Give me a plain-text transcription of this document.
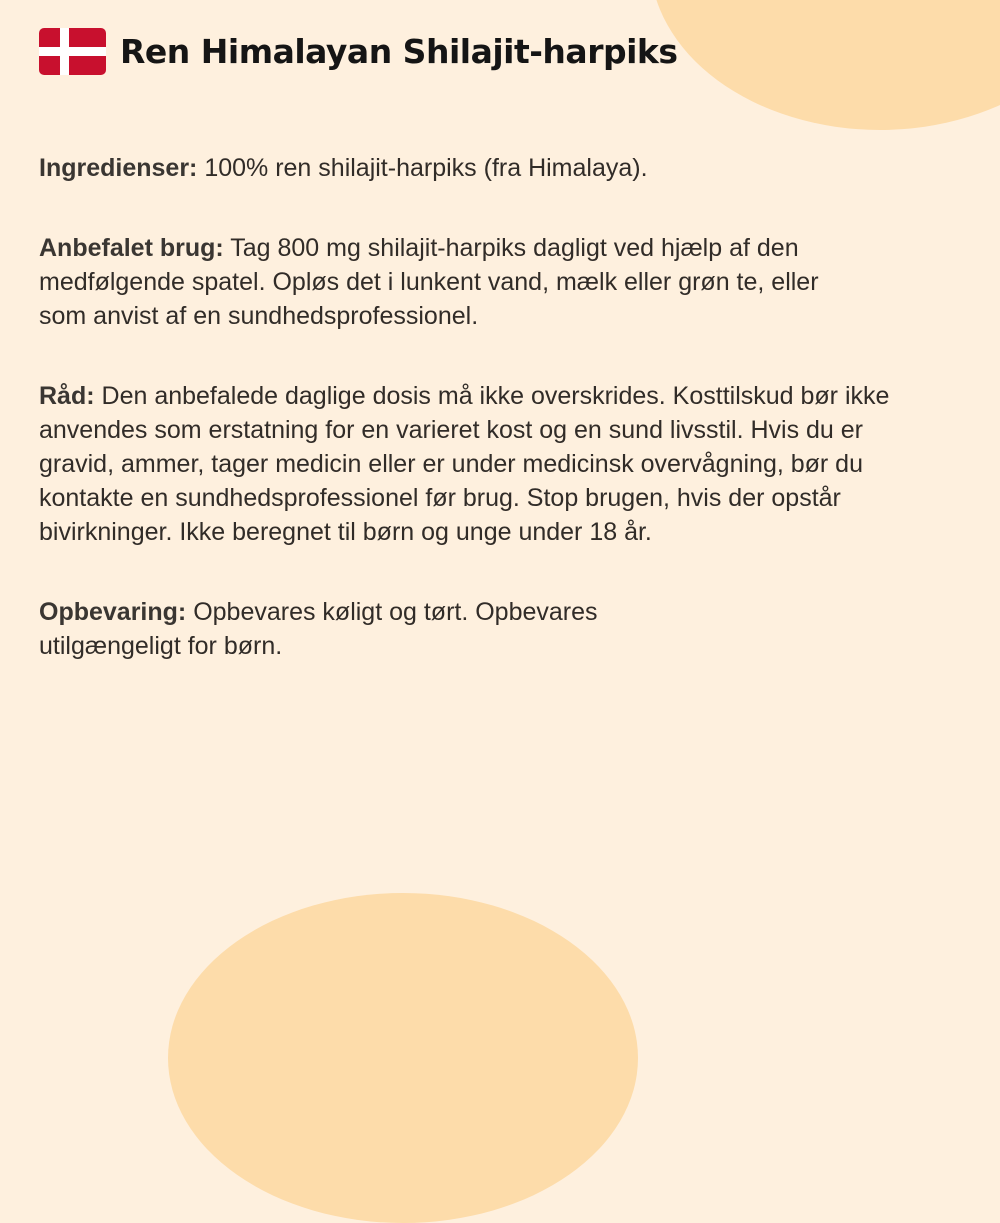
Ren Himalayan Shilajit-harpiks

Ingredienser: 100% ren shilajit-harpiks (fra Himalaya).

Anbefalet brug: Tag 800 mg shilajit-harpiks dagligt ved hjælp af den medfølgende spatel. Opløs det i lunkent vand, mælk eller grøn te, eller som anvist af en sundhedsprofessionel.

Råd: Den anbefalede daglige dosis må ikke overskrides. Kosttilskud bør ikke anvendes som erstatning for en varieret kost og en sund livsstil. Hvis du er gravid, ammer, tager medicin eller er under medicinsk overvågning, bør du kontakte en sundhedsprofessionel før brug. Stop brugen, hvis der opstår bivirkninger. Ikke beregnet til børn og unge under 18 år.

Opbevaring: Opbevares køligt og tørt. Opbevares utilgængeligt for børn.
